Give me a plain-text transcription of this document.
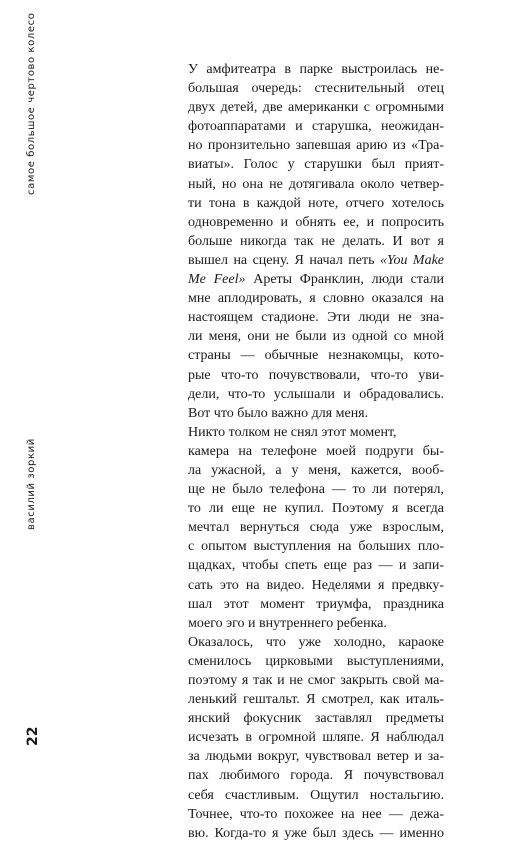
самое большое чертово колесо
василий зоркий
22
У амфитеатра в парке выстроилась не-
большая очередь: стеснительный отец
двух детей, две американки с огромными
фотоаппаратами и старушка, неожидан-
но пронзительно запевшая арию из «Тра-
виаты». Голос у старушки был прият-
ный, но она не дотягивала около четвер-
ти тона в каждой ноте, отчего хотелось
одновременно и обнять ее, и попросить
больше никогда так не делать. И вот я
вышел на сцену. Я начал петь «You Make
Me Feel» Ареты Франклин, люди стали
мне аплодировать, я словно оказался на
настоящем стадионе. Эти люди не зна-
ли меня, они не были из одной со мной
страны — обычные незнакомцы, кото-
рые что-то почувствовали, что-то уви-
дели, что-то услышали и обрадовались.
Вот что было важно для меня.
Никто толком не снял этот момент,
камера на телефоне моей подруги бы-
ла ужасной, а у меня, кажется, вооб-
ще не было телефона — то ли потерял,
то ли еще не купил. Поэтому я всегда
мечтал вернуться сюда уже взрослым,
с опытом выступления на больших пло-
щадках, чтобы спеть еще раз — и запи-
сать это на видео. Неделями я предвку-
шал этот момент триумфа, праздника
моего эго и внутреннего ребенка.
Оказалось, что уже холодно, караоке
сменилось цирковыми выступлениями,
поэтому я так и не смог закрыть свой ма-
ленький гештальт. Я смотрел, как италь-
янский фокусник заставлял предметы
исчезать в огромной шляпе. Я наблюдал
за людьми вокруг, чувствовал ветер и за-
пах любимого города. Я почувствовал
себя счастливым. Ощутил ностальгию.
Точнее, что-то похожее на нее — дежа-
вю. Когда-то я уже был здесь — именно
